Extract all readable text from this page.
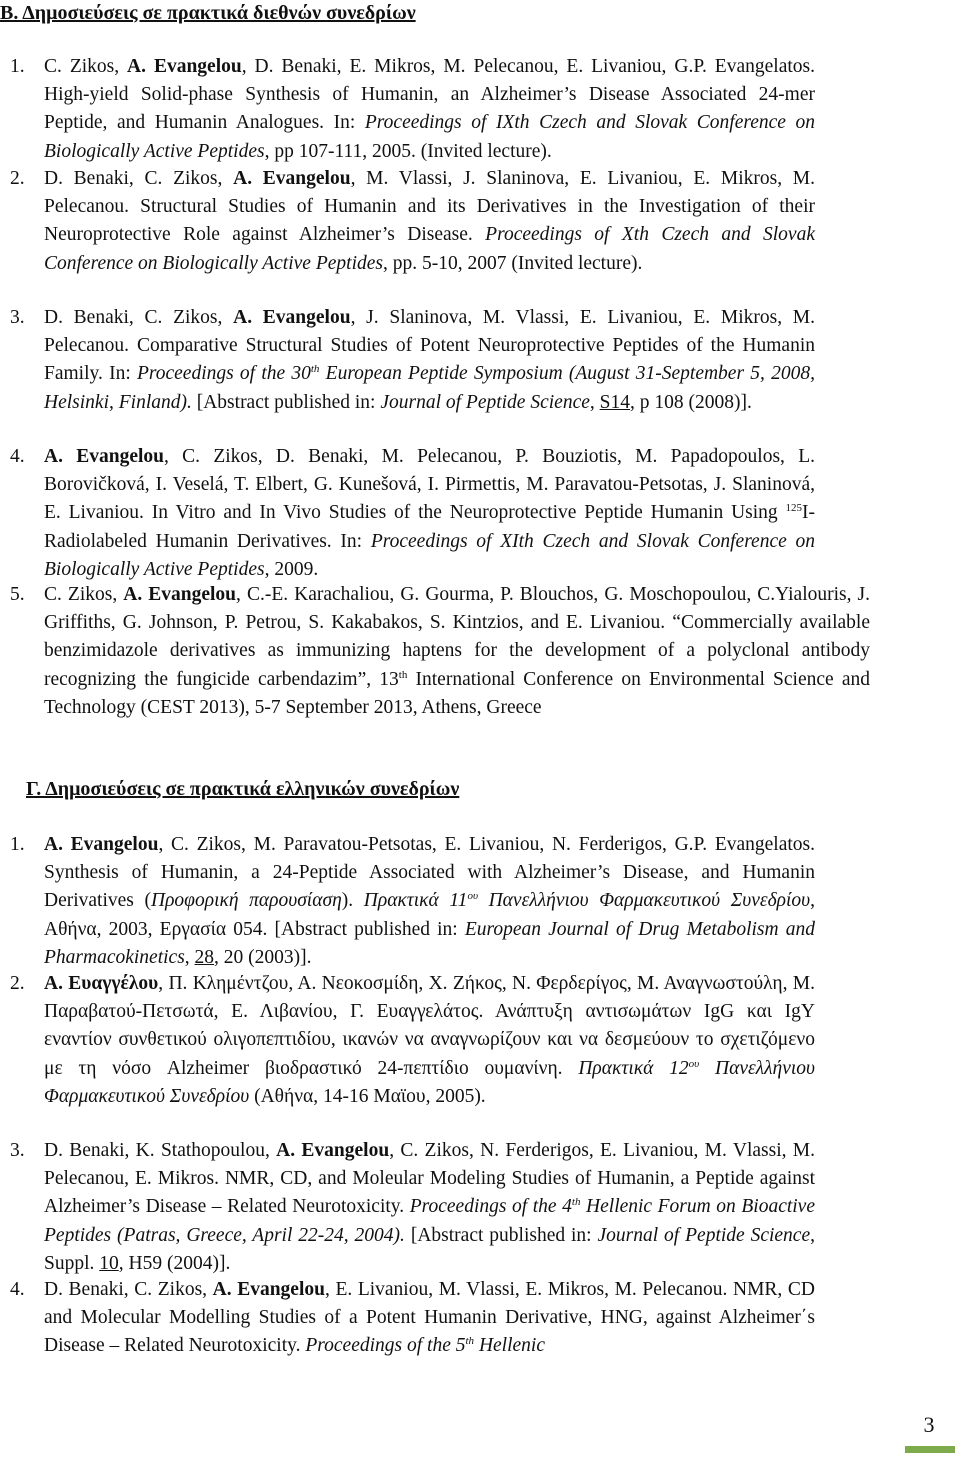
Β. Δημοσιεύσεις σε πρακτικά διεθνών συνεδρίων
1. C. Zikos, A. Evangelou, D. Benaki, E. Mikros, M. Pelecanou, E. Livaniou, G.P. Evangelatos. High-yield Solid-phase Synthesis of Humanin, an Alzheimer’s Disease Associated 24-mer Peptide, and Humanin Analogues. In: Proceedings of IXth Czech and Slovak Conference on Biologically Active Peptides, pp 107-111, 2005. (Invited lecture).
2. D. Benaki, C. Zikos, A. Evangelou, M. Vlassi, J. Slaninova, E. Livaniou, E. Mikros, M. Pelecanou. Structural Studies of Humanin and its Derivatives in the Investigation of their Neuroprotective Role against Alzheimer’s Disease. Proceedings of Xth Czech and Slovak Conference on Biologically Active Peptides, pp. 5-10, 2007 (Invited lecture).
3. D. Benaki, C. Zikos, A. Evangelou, J. Slaninova, M. Vlassi, E. Livaniou, E. Mikros, M. Pelecanou. Comparative Structural Studies of Potent Neuroprotective Peptides of the Humanin Family. In: Proceedings of the 30th European Peptide Symposium (August 31-September 5, 2008, Helsinki, Finland). [Abstract published in: Journal of Peptide Science, S14, p 108 (2008)].
4. A. Evangelou, C. Zikos, D. Benaki, M. Pelecanou, P. Bouziotis, M. Papadopoulos, L. Borovičková, I. Veselá, T. Elbert, G. Kunešová, I. Pirmettis, M. Paravatou-Petsotas, J. Slaninová, E. Livaniou. In Vitro and In Vivo Studies of the Neuroprotective Peptide Humanin Using $^{125}$I-Radiolabeled Humanin Derivatives. In: Proceedings of XIth Czech and Slovak Conference on Biologically Active Peptides, 2009.
5. C. Zikos, A. Evangelou, C.-E. Karachaliou, G. Gourma, P. Blouchos, G. Moschopoulou, C.Yialouris, J. Griffiths, G. Johnson, P. Petrou, S. Kakabakos, S. Kintzios, and E. Livaniou. “Commercially available benzimidazole derivatives as immunizing haptens for the development of a polyclonal antibody recognizing the fungicide carbendazim”, 13th International Conference on Environmental Science and Technology (CEST 2013), 5-7 September 2013, Athens, Greece
Γ. Δημοσιεύσεις σε πρακτικά ελληνικών συνεδρίων
1. A. Evangelou, C. Zikos, M. Paravatou-Petsotas, E. Livaniou, N. Ferderigos, G.P. Evangelatos. Synthesis of Humanin, a 24-Peptide Associated with Alzheimer’s Disease, and Humanin Derivatives (Προφορική παρουσίαση). Πρακτικά $11^{o\upsilon}$ Πανελλήνιου Φαρμακευτικού Συνεδρίου, Αθήνα, 2003, Εργασία 054. [Abstract published in: European Journal of Drug Metabolism and Pharmacokinetics, 28, 20 (2003)].
2. Α. Ευαγγέλου, Π. Κλημέντζου, Α. Νεοκοσμίδη, Χ. Ζήκος, Ν. Φερδερίγος, Μ. Αναγνωστούλη, Μ. Παραβατού-Πετσωτά, Ε. Λιβανίου, Γ. Ευαγγελάτος. Ανάπτυξη αντισωμάτων IgG και IgY εναντίον συνθετικού ολιγοπεπτιδίου, ικανών να αναγνωρίζουν και να δεσμεύουν το σχετιζόμενο με τη νόσο Alzheimer βιοδραστικό 24-πεπτίδιο ουμανίνη. Πρακτικά $12^{o\upsilon}$ Πανελλήνιου Φαρμακευτικού Συνεδρίου (Αθήνα, 14-16 Μαϊου, 2005).
3. D. Benaki, K. Stathopoulou, A. Evangelou, C. Zikos, N. Ferderigos, E. Livaniou, M. Vlassi, M. Pelecanou, E. Mikros. NMR, CD, and Moleular Modeling Studies of Humanin, a Peptide against Alzheimer’s Disease – Related Neurotoxicity. Proceedings of the 4th Hellenic Forum on Bioactive Peptides (Patras, Greece, April 22-24, 2004). [Abstract published in: Journal of Peptide Science, Suppl. 10, H59 (2004)].
4. D. Benaki, C. Zikos, A. Evangelou, E. Livaniou, M. Vlassi, E. Mikros, M. Pelecanou. NMR, CD and Molecular Modelling Studies of a Potent Humanin Derivative, HNG, against Alzheimer΄s Disease – Related Neurotoxicity. Proceedings of the 5th Hellenic
3
